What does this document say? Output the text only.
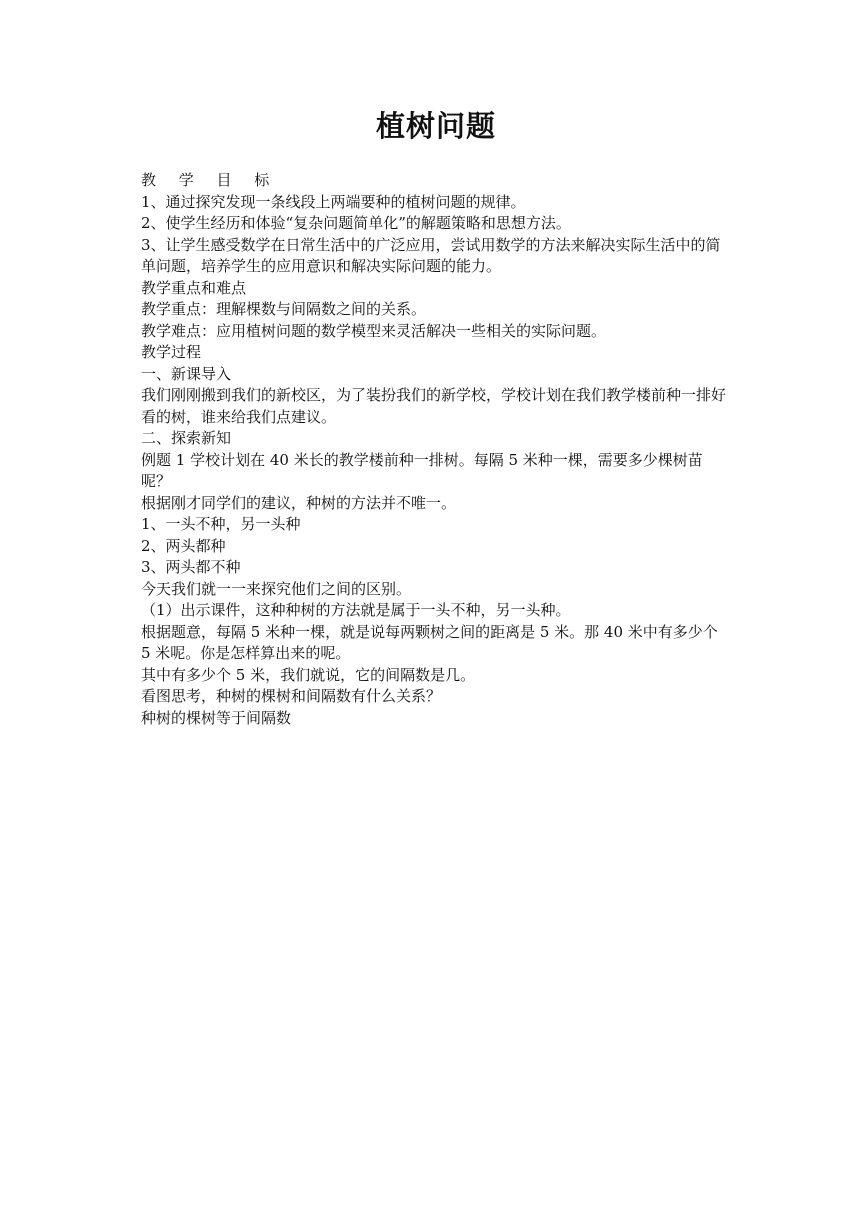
植树问题

教 学 目 标

1、通过探究发现一条线段上两端要种的植树问题的规律。

2、使学生经历和体验“复杂问题简单化”的解题策略和思想方法。

3、让学生感受数学在日常生活中的广泛应用，尝试用数学的方法来解决实际生活中的简单问题，培养学生的应用意识和解决实际问题的能力。

教学重点和难点

教学重点：理解棵数与间隔数之间的关系。

教学难点：应用植树问题的数学模型来灵活解决一些相关的实际问题。

教学过程

一、新课导入

我们刚刚搬到我们的新校区，为了装扮我们的新学校，学校计划在我们教学楼前种一排好看的树，谁来给我们点建议。

二、探索新知

例题 1 学校计划在 40 米长的教学楼前种一排树。每隔 5 米种一棵，需要多少棵树苗呢？

根据刚才同学们的建议，种树的方法并不唯一。

1、一头不种，另一头种

2、两头都种

3、两头都不种

今天我们就一一来探究他们之间的区别。

（1）出示课件，这种种树的方法就是属于一头不种，另一头种。

根据题意，每隔 5 米种一棵，就是说每两颗树之间的距离是 5 米。那 40 米中有多少个 5 米呢。你是怎样算出来的呢。

其中有多少个 5 米，我们就说，它的间隔数是几。

看图思考，种树的棵树和间隔数有什么关系？

种树的棵树等于间隔数
